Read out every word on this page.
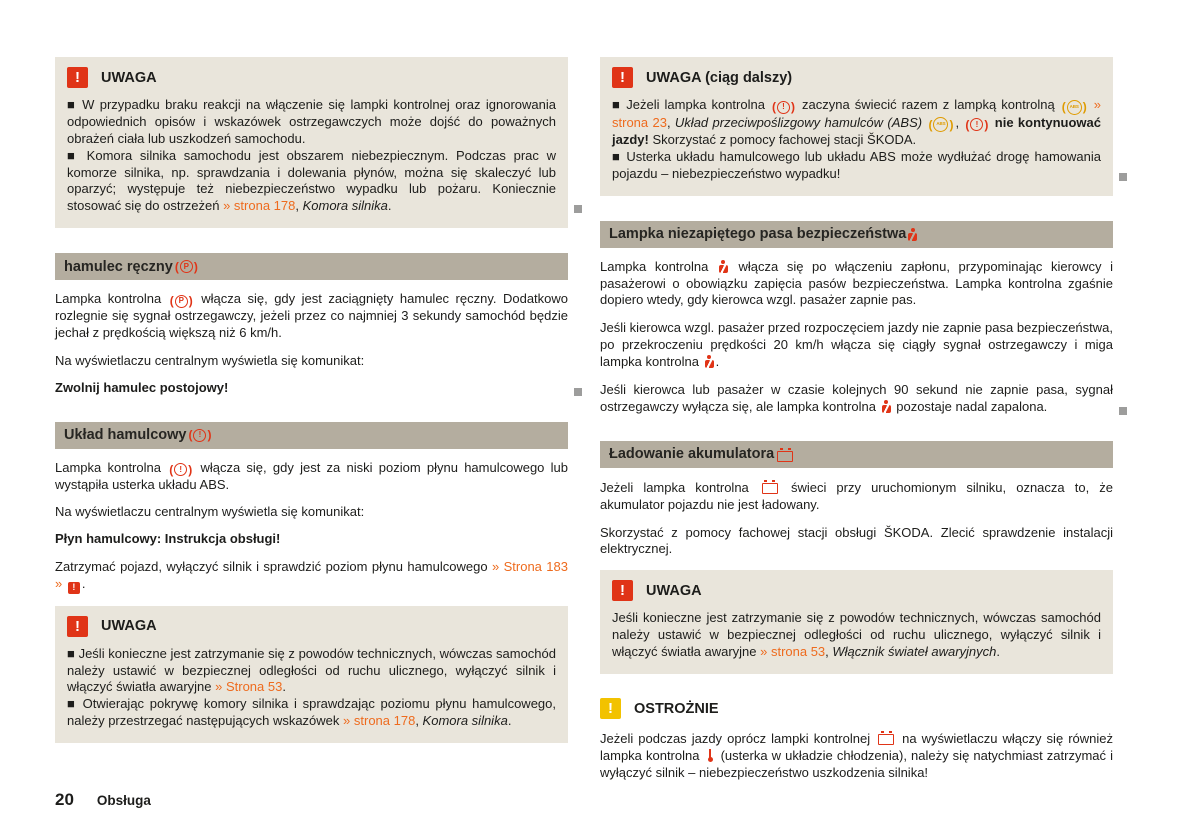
!
UWAGA

■ W przypadku braku reakcji na włączenie się lampki kontrolnej oraz ignorowania odpowiednich opisów i wskazówek ostrzegawczych może dojść do poważnych obrażeń ciała lub uszkodzeń samochodu.

■ Komora silnika samochodu jest obszarem niebezpiecznym. Podczas prac w komorze silnika, np. sprawdzania i dolewania płynów, można się skaleczyć lub oparzyć; występuje też niebezpieczeństwo wypadku lub pożaru. Koniecznie stosować się do ostrzeżeń » strona 178, Komora silnika.

hamulec ręczny ( P )

Lampka kontrolna ( P ) włącza się, gdy jest zaciągnięty hamulec ręczny. Dodatkowo rozlegnie się sygnał ostrzegawczy, jeżeli przez co najmniej 3 sekundy samochód będzie jechał z prędkością większą niż 6 km/h.

Na wyświetlaczu centralnym wyświetla się komunikat:

Zwolnij hamulec postojowy!

Układ hamulcowy ( ! )

Lampka kontrolna ( ! ) włącza się, gdy jest za niski poziom płynu hamulcowego lub wystąpiła usterka układu ABS.

Na wyświetlaczu centralnym wyświetla się komunikat:

Płyn hamulcowy: Instrukcja obsługi!

Zatrzymać pojazd, wyłączyć silnik i sprawdzić poziom płynu hamulcowego » Strona 183 » ! .

!
UWAGA

■ Jeśli konieczne jest zatrzymanie się z powodów technicznych, wówczas samochód należy ustawić w bezpiecznej odległości od ruchu ulicznego, wyłączyć silnik i włączyć światła awaryjne » Strona 53.

■ Otwierając pokrywę komory silnika i sprawdzając poziomu płynu hamulcowego, należy przestrzegać następujących wskazówek » strona 178, Komora silnika.

!
UWAGA (ciąg dalszy)

■ Jeżeli lampka kontrolna ( ! ) zaczyna świecić razem z lampką kontrolną ( ABS ) » strona 23, Układ przeciwpoślizgowy hamulców (ABS) ( ABS ) , ( ! ) nie kontynuować jazdy! Skorzystać z pomocy fachowej stacji ŠKODA.

■ Usterka układu hamulcowego lub układu ABS może wydłużać drogę hamowania pojazdu – niebezpieczeństwo wypadku!

Lampka niezapiętego pasa bezpieczeństwa

Lampka kontrolna  włącza się po włączeniu zapłonu, przypominając kierowcy i pasażerowi o obowiązku zapięcia pasów bezpieczeństwa. Lampka kontrolna zgaśnie dopiero wtedy, gdy kierowca wzgl. pasażer zapnie pas.

Jeśli kierowca wzgl. pasażer przed rozpoczęciem jazdy nie zapnie pasa bezpieczeństwa, po przekroczeniu prędkości 20 km/h włącza się ciągły sygnał ostrzegawczy i miga lampka kontrolna .

Jeśli kierowca lub pasażer w czasie kolejnych 90 sekund nie zapnie pasa, sygnał ostrzegawczy wyłącza się, ale lampka kontrolna  pozostaje nadal zapalona.

Ładowanie akumulatora

Jeżeli lampka kontrolna  świeci przy uruchomionym silniku, oznacza to, że akumulator pojazdu nie jest ładowany.

Skorzystać z pomocy fachowej stacji obsługi ŠKODA. Zlecić sprawdzenie instalacji elektrycznej.

!
UWAGA

Jeśli konieczne jest zatrzymanie się z powodów technicznych, wówczas samochód należy ustawić w bezpiecznej odległości od ruchu ulicznego, wyłączyć silnik i włączyć światła awaryjne » strona 53, Włącznik świateł awaryjnych.

!
OSTROŻNIE

Jeżeli podczas jazdy oprócz lampki kontrolnej  na wyświetlaczu włączy się również lampka kontrolna  (usterka w układzie chłodzenia), należy się natychmiast zatrzymać i wyłączyć silnik – niebezpieczeństwo uszkodzenia silnika!

20 Obsługa
